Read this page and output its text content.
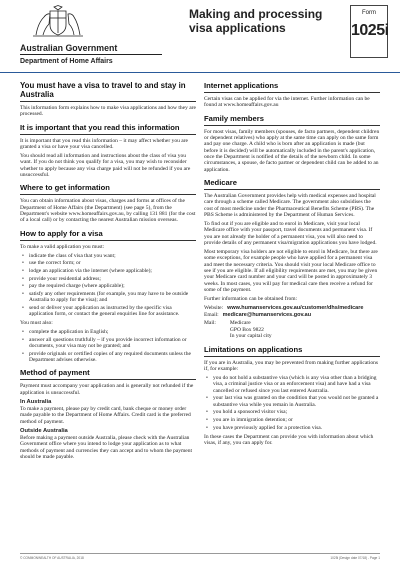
Australian Government
Department of Home Affairs
Making and processing visa applications
Form
1025i
You must have a visa to travel to and stay in Australia

This information form explains how to make visa applications and how they are processed.

It is important that you read this information

It is important that you read this information – it may affect whether you are granted a visa or have your visa cancelled.

You should read all information and instructions about the class of visa you want. If you do not think you qualify for a visa, you may wish to reconsider whether to apply because any visa charge paid will not be refunded if you are unsuccessful.

Where to get information

You can obtain information about visas, charges and forms at offices of the Department of Home Affairs (the Department) (see page 5), from the Department's website www.homeaffairs.gov.au, by calling 131 881 (for the cost of a local call) or by contacting the nearest Australian mission overseas.

How to apply for a visa

To make a valid application you must:

• indicate the class of visa that you want;
• use the correct form; or
• lodge an application via the internet (where applicable);
• provide your residential address;
• pay the required charge (where applicable);
• satisfy any other requirements (for example, you may have to be outside Australia to apply for the visa); and
• send or deliver your application as instructed by the specific visa application form, or contact the general enquiries line for assistance.

You must also:

• complete the application in English;
• answer all questions truthfully – if you provide incorrect information or documents, your visa may not be granted; and
• provide originals or certified copies of any required documents unless the Department advises otherwise.
Method of payment

Payment must accompany your application and is generally not refunded if the application is unsuccessful.

In Australia

To make a payment, please pay by credit card, bank cheque or money order made payable to the Department of Home Affairs. Credit card is the preferred method of payment.

Outside Australia

Before making a payment outside Australia, please check with the Australian Government office where you intend to lodge your application as to what methods of payment and currencies they can accept and to whom the payment should be made payable.

Internet applications

Certain visas can be applied for via the internet. Further information can be found at www.homeaffairs.gov.au

Family members

For most visas, family members (spouses, de facto partners, dependent children or dependent relatives) who apply at the same time can apply on the same form and pay one charge. A child who is born after an application is made (but before it is decided) will be automatically included in the parent's application, once the Department is notified of the details of the newborn child. In some circumstances, a spouse, de facto partner or dependent child can be added to an application.

Medicare

The Australian Government provides help with medical expenses and hospital care through a scheme called Medicare. The government also subsidises the cost of most medicine under the Pharmaceutical Benefits Scheme (PBS). The PBS Scheme is administered by the Department of Human Services.

To find out if you are eligible and to enrol in Medicare, visit your local Medicare office with your passport, travel documents and permanent visa. If you are not already the holder of a permanent visa, you will also need to provide details of any permanent visa/migration applications you have lodged.

Most temporary visa holders are not eligible to enrol in Medicare, but there are some exceptions, for example people who have applied for a permanent visa and meet the necessary criteria. You should visit your local Medicare office to see if you are eligible. If all eligibility requirements are met, you may be given your Medicare card number and your card will be posted in approximately 3 weeks. In most cases, you will pay for medical care then receive a refund for some of the payment.

Further information can be obtained from:

Website: www.humanservices.gov.au/customer/dhs/medicare
Email: medicare@humanservices.gov.au
Mail:	Medicare
GPO Box 9822
In your capital city
Limitations on applications

If you are in Australia, you may be prevented from making further applications if, for example:

• you do not hold a substantive visa (which is any visa other than a bridging visa, a criminal justice visa or an enforcement visa) and have had a visa cancelled or refused since you last entered Australia.
• your last visa was granted on the condition that you would not be granted a substantive visa while you remain in Australia.
• you hold a sponsored visitor visa;
• you are in immigration detention; or
• you have previously applied for a protection visa.

In these cases the Department can provide you with information about which visas, if any, you can apply for.

© COMMONWEALTH OF AUSTRALIA, 2018	1025i (Design date 07/18) - Page 1
